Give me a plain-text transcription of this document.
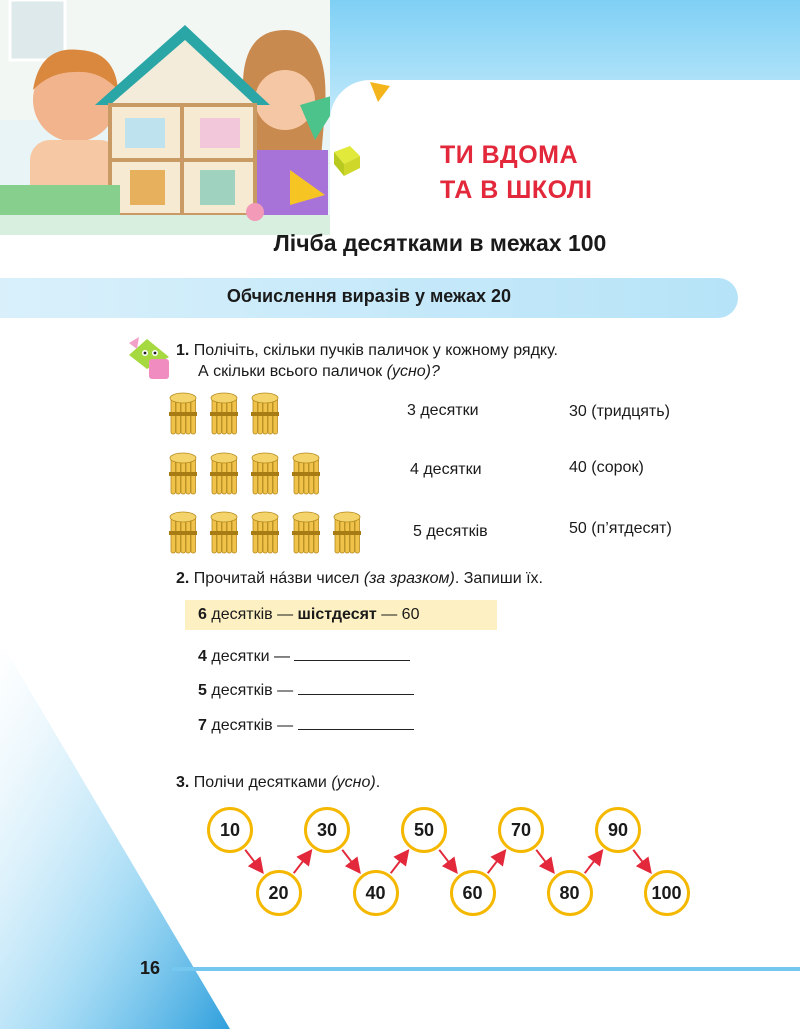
ТИ ВДОМА
ТА В ШКОЛІ
Лічба десятками в межах 100
Обчислення виразів у межах 20
1. Полічіть, скільки пучків паличок у кожному рядку.
А скільки всього паличок (усно)?
3 десятки	30 (тридцять)
4 десятки	40 (сорок)
5 десятків	50 (п’ятдесят)
2. Прочитай нáзви чисел (за зразком). Запиши їх.
6 десятків — шістдесят — 60
4 десятки —
5 десятків —
7 десятків —
3. Полічи десятками (усно).
10
20
30
40
50
60
70
80
90
100
16
